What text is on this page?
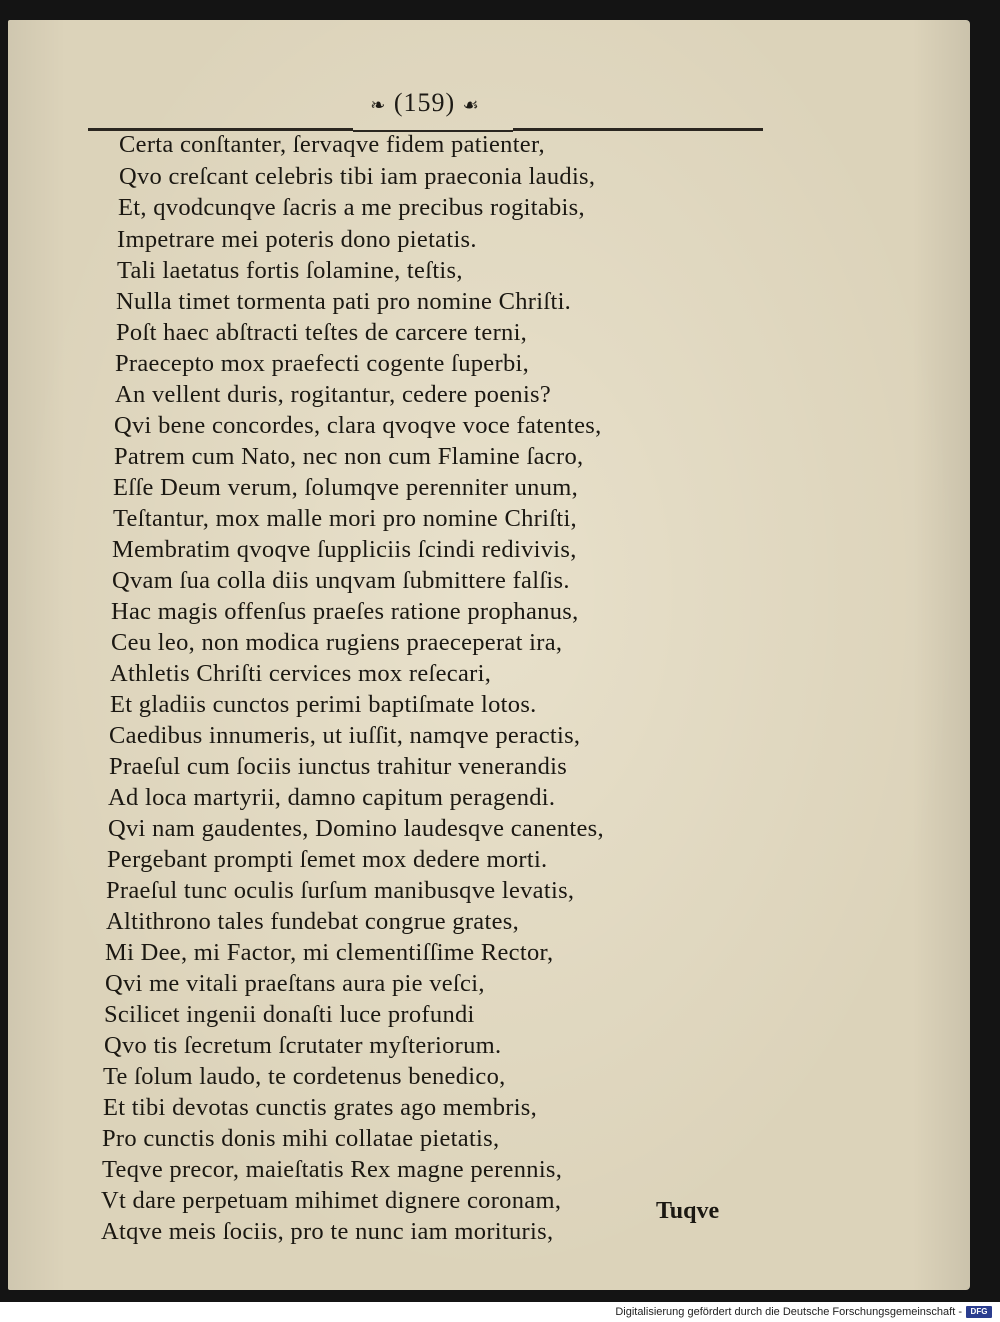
❧ (159) ☙
Certa conſtanter, ſervaqve fidem patienter,
Qvo creſcant celebris tibi iam praeconia laudis,
Et, qvodcunqve ſacris a me precibus rogitabis,
Impetrare mei poteris dono pietatis.
Tali laetatus fortis ſolamine, teſtis,
Nulla timet tormenta pati pro nomine Chriſti.
Poſt haec abſtracti teſtes de carcere terni,
Praecepto mox praefecti cogente ſuperbi,
An vellent duris, rogitantur, cedere poenis?
Qvi bene concordes, clara qvoqve voce fatentes,
Patrem cum Nato, nec non cum Flamine ſacro,
Eſſe Deum verum, ſolumqve perenniter unum,
Teſtantur, mox malle mori pro nomine Chriſti,
Membratim qvoqve ſuppliciis ſcindi redivivis,
Qvam ſua colla diis unqvam ſubmittere falſis.
Hac magis offenſus praeſes ratione prophanus,
Ceu leo, non modica rugiens praeceperat ira,
Athletis Chriſti cervices mox reſecari,
Et gladiis cunctos perimi baptiſmate lotos.
Caedibus innumeris, ut iuſſit, namqve peractis,
Praeſul cum ſociis iunctus trahitur venerandis
Ad loca martyrii, damno capitum peragendi.
Qvi nam gaudentes, Domino laudesqve canentes,
Pergebant prompti ſemet mox dedere morti.
Praeſul tunc oculis ſurſum manibusqve levatis,
Altithrono tales fundebat congrue grates,
Mi Dee, mi Factor, mi clementiſſime Rector,
Qvi me vitali praeſtans aura pie veſci,
Scilicet ingenii donaſti luce profundi
Qvo tis ſecretum ſcrutater myſteriorum.
Te ſolum laudo, te cordetenus benedico,
Et tibi devotas cunctis grates ago membris,
Pro cunctis donis mihi collatae pietatis,
Teqve precor, maieſtatis Rex magne perennis,
Vt dare perpetuam mihimet dignere coronam,
Atqve meis ſociis, pro te nunc iam morituris,
Tuqve
Digitalisierung gefördert durch die Deutsche Forschungsgemeinschaft - DFG
